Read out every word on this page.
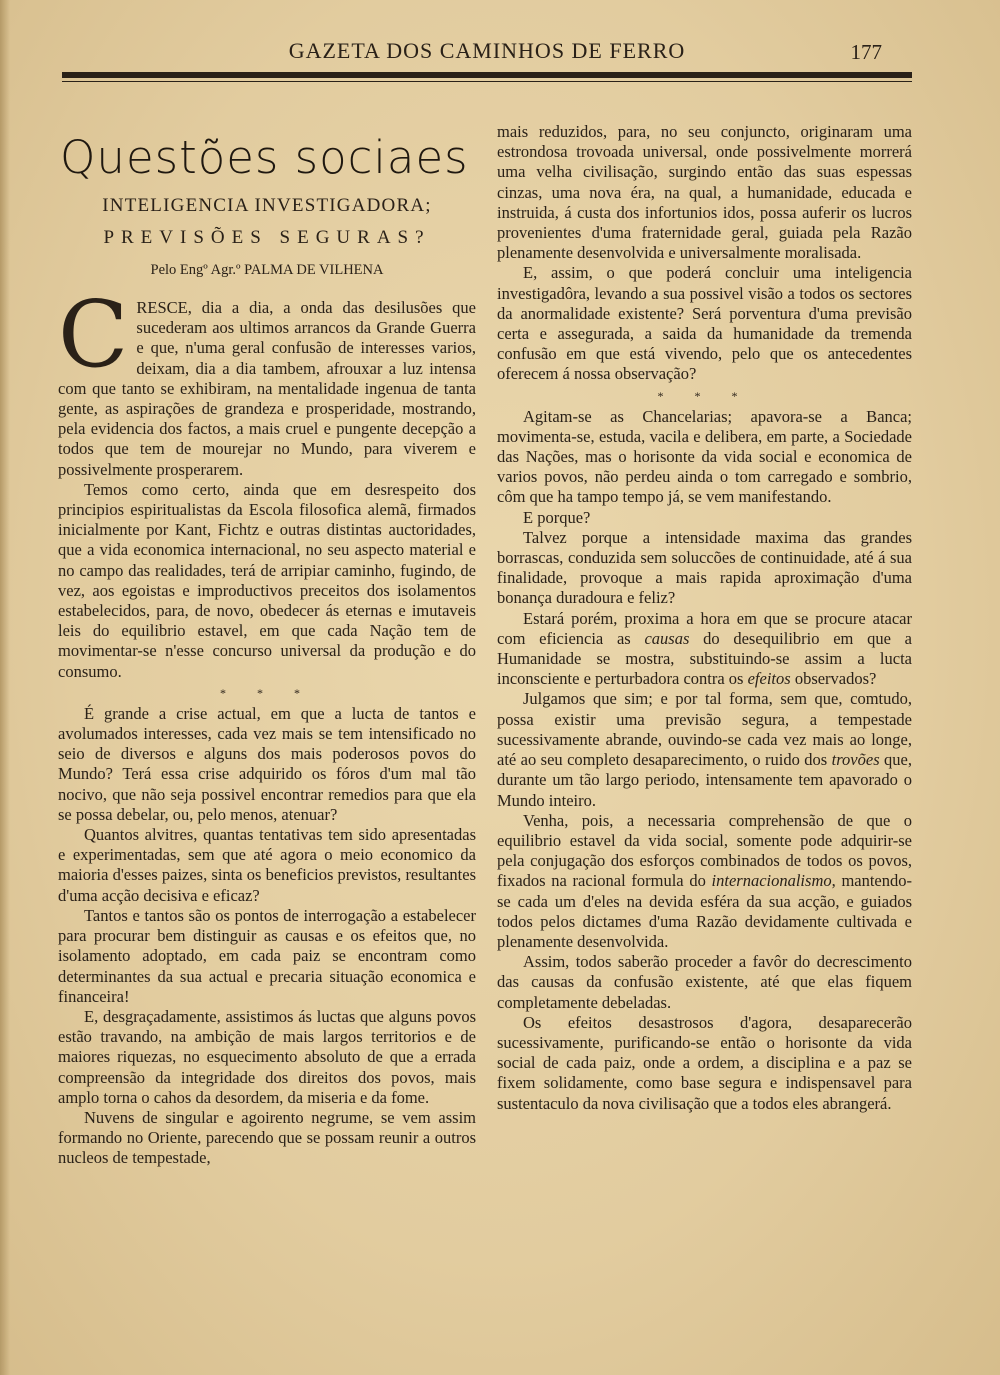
GAZETA DOS CAMINHOS DE FERRO	177
Questões sociaes
INTELIGENCIA INVESTIGADORA;
PREVISÕES SEGURAS?
Pelo Engº Agr.º PALMA DE VILHENA

CRESCE, dia a dia, a onda das desilusões que sucederam aos ultimos arrancos da Grande Guerra e que, n'uma geral confusão de interesses varios, deixam, dia a dia tambem, afrouxar a luz intensa com que tanto se exhibiram, na mentalidade ingenua de tanta gente, as aspirações de grandeza e prosperidade, mostrando, pela evidencia dos factos, a mais cruel e pungente decepção a todos que tem de mourejar no Mundo, para viverem e possivelmente prosperarem.

Temos como certo, ainda que em desrespeito dos principios espiritualistas da Escola filosofica alemã, firmados inicialmente por Kant, Fichtz e outras distintas auctoridades, que a vida economica internacional, no seu aspecto material e no campo das realidades, terá de arripiar caminho, fugindo, de vez, aos egoistas e improductivos preceitos dos isolamentos estabelecidos, para, de novo, obedecer ás eternas e imutaveis leis do equilibrio estavel, em que cada Nação tem de movimentar-se n'esse concurso universal da produção e do consumo.

* * *

É grande a crise actual, em que a lucta de tantos e avolumados interesses, cada vez mais se tem intensificado no seio de diversos e alguns dos mais poderosos povos do Mundo? Terá essa crise adquirido os fóros d'um mal tão nocivo, que não seja possivel encontrar remedios para que ela se possa debelar, ou, pelo menos, atenuar?

Quantos alvitres, quantas tentativas tem sido apresentadas e experimentadas, sem que até agora o meio economico da maioria d'esses paizes, sinta os beneficios previstos, resultantes d'uma acção decisiva e eficaz?

Tantos e tantos são os pontos de interrogação a estabelecer para procurar bem distinguir as causas e os efeitos que, no isolamento adoptado, em cada paiz se encontram como determinantes da sua actual e precaria situação economica e financeira!

E, desgraçadamente, assistimos ás luctas que alguns povos estão travando, na ambição de mais largos territorios e de maiores riquezas, no esquecimento absoluto de que a errada compreensão da integridade dos direitos dos povos, mais amplo torna o cahos da desordem, da miseria e da fome.

Nuvens de singular e agoirento negrume, se vem assim formando no Oriente, parecendo que se possam reunir a outros nucleos de tempestade,

mais reduzidos, para, no seu conjuncto, originaram uma estrondosa trovoada universal, onde possivelmente morrerá uma velha civilisação, surgindo então das suas espessas cinzas, uma nova éra, na qual, a humanidade, educada e instruida, á custa dos infortunios idos, possa auferir os lucros provenientes d'uma fraternidade geral, guiada pela Razão plenamente desenvolvida e universalmente moralisada.

E, assim, o que poderá concluir uma inteligencia investigadôra, levando a sua possivel visão a todos os sectores da anormalidade existente? Será porventura d'uma previsão certa e assegurada, a saida da humanidade da tremenda confusão em que está vivendo, pelo que os antecedentes oferecem á nossa observação?

* * *

Agitam-se as Chancelarias; apavora-se a Banca; movimenta-se, estuda, vacila e delibera, em parte, a Sociedade das Nações, mas o horisonte da vida social e economica de varios povos, não perdeu ainda o tom carregado e sombrio, côm que ha tampo tempo já, se vem manifestando.

E porque?

Talvez porque a intensidade maxima das grandes borrascas, conduzida sem soluccões de continuidade, até á sua finalidade, provoque a mais rapida aproximação d'uma bonança duradoura e feliz?

Estará porém, proxima a hora em que se procure atacar com eficiencia as causas do desequilibrio em que a Humanidade se mostra, substituindo-se assim a lucta inconsciente e perturbadora contra os efeitos observados?

Julgamos que sim; e por tal forma, sem que, comtudo, possa existir uma previsão segura, a tempestade sucessivamente abrande, ouvindo-se cada vez mais ao longe, até ao seu completo desaparecimento, o ruido dos trovões que, durante um tão largo periodo, intensamente tem apavorado o Mundo inteiro.

Venha, pois, a necessaria comprehensão de que o equilibrio estavel da vida social, somente pode adquirir-se pela conjugação dos esforços combinados de todos os povos, fixados na racional formula do internacionalismo, mantendo-se cada um d'eles na devida esféra da sua acção, e guiados todos pelos dictames d'uma Razão devidamente cultivada e plenamente desenvolvida.

Assim, todos saberão proceder a favôr do decrescimento das causas da confusão existente, até que elas fiquem completamente debeladas.

Os efeitos desastrosos d'agora, desaparecerão sucessivamente, purificando-se então o horisonte da vida social de cada paiz, onde a ordem, a disciplina e a paz se fixem solidamente, como base segura e indispensavel para sustentaculo da nova civilisação que a todos eles abrangerá.
